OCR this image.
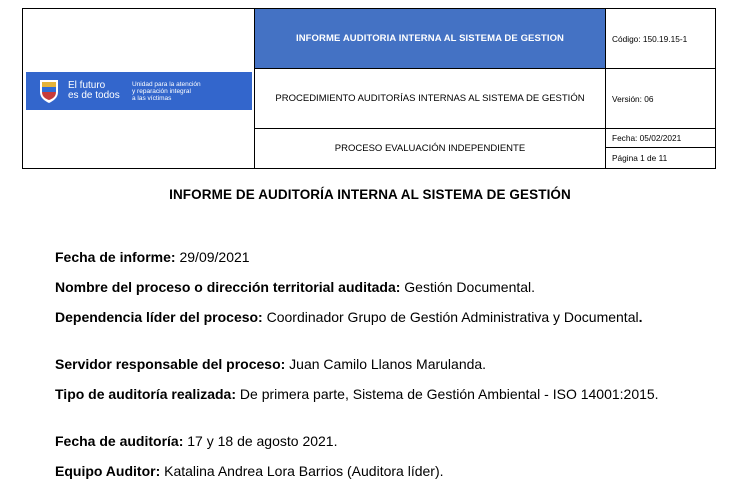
El futuro
es de todos
Unidad para la atención
y reparación integral
a las víctimas
INFORME AUDITORIA INTERNA AL SISTEMA DE GESTION
PROCEDIMIENTO AUDITORÍAS INTERNAS AL SISTEMA DE GESTIÓN
PROCESO EVALUACIÓN INDEPENDIENTE
Código: 150.19.15-1
Versión: 06
Fecha: 05/02/2021
Página 1 de 11
INFORME DE AUDITORÍA INTERNA AL SISTEMA DE GESTIÓN
Fecha de informe: 29/09/2021
Nombre del proceso o dirección territorial auditada: Gestión Documental.
Dependencia líder del proceso: Coordinador Grupo de Gestión Administrativa y Documental.
Servidor responsable del proceso: Juan Camilo Llanos Marulanda.
Tipo de auditoría realizada: De primera parte, Sistema de Gestión Ambiental - ISO 14001:2015.
Fecha de auditoría: 17 y 18 de agosto 2021.
Equipo Auditor: Katalina Andrea Lora Barrios (Auditora líder).
